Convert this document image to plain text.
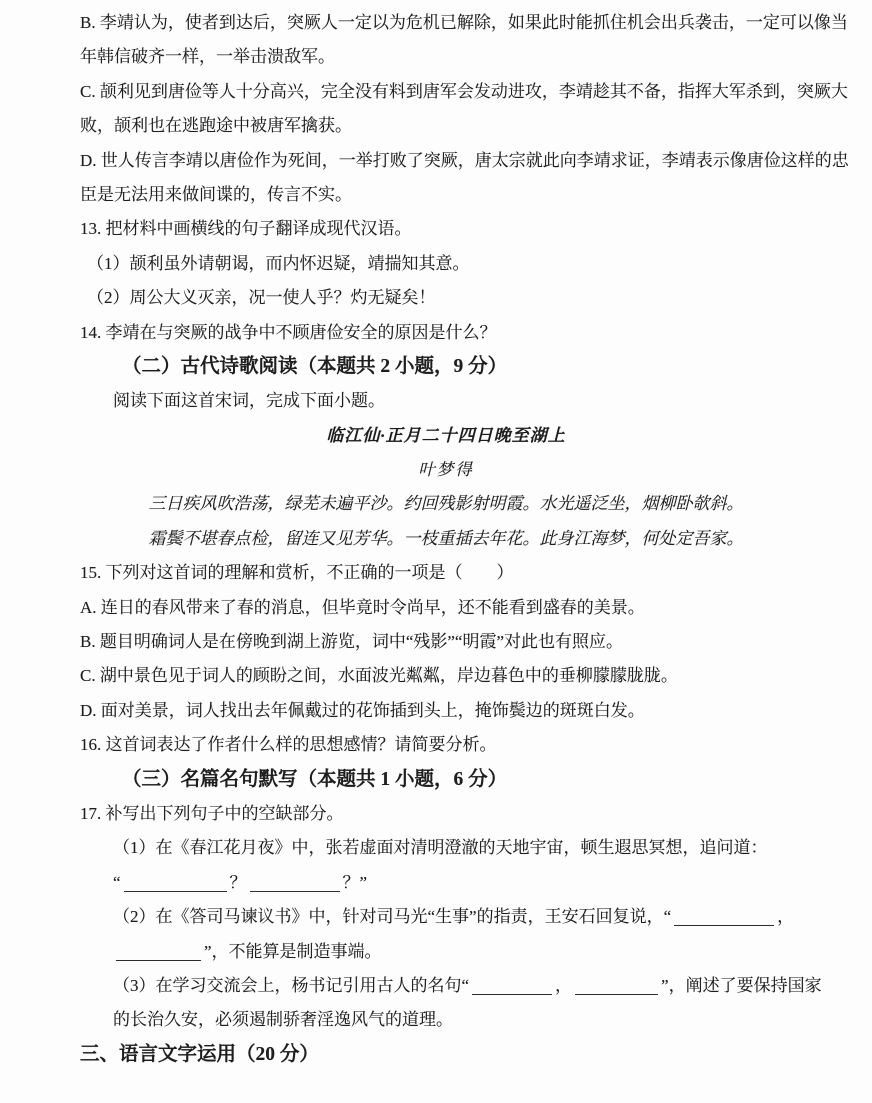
B. 李靖认为，使者到达后，突厥人一定以为危机已解除，如果此时能抓住机会出兵袭击，一定可以像当
年韩信破齐一样，一举击溃敌军。
C. 颉利见到唐俭等人十分高兴，完全没有料到唐军会发动进攻，李靖趁其不备，指挥大军杀到，突厥大
败，颉利也在逃跑途中被唐军擒获。
D. 世人传言李靖以唐俭作为死间，一举打败了突厥，唐太宗就此向李靖求证，李靖表示像唐俭这样的忠
臣是无法用来做间谍的，传言不实。
13. 把材料中画横线的句子翻译成现代汉语。
（1）颉利虽外请朝谒，而内怀迟疑，靖揣知其意。
（2）周公大义灭亲，况一使人乎？灼无疑矣！
14. 李靖在与突厥的战争中不顾唐俭安全的原因是什么？
（二）古代诗歌阅读（本题共 2 小题，9 分）
阅读下面这首宋词，完成下面小题。
临江仙·正月二十四日晚至湖上
叶梦得
三日疾风吹浩荡，绿芜未遍平沙。约回残影射明霞。水光遥泛坐，烟柳卧欹斜。
霜鬓不堪春点检，留连又见芳华。一枝重插去年花。此身江海梦，何处定吾家。
15. 下列对这首词的理解和赏析，不正确的一项是（　　）
A. 连日的春风带来了春的消息，但毕竟时令尚早，还不能看到盛春的美景。
B. 题目明确词人是在傍晚到湖上游览，词中“残影”“明霞”对此也有照应。
C. 湖中景色见于词人的顾盼之间，水面波光粼粼，岸边暮色中的垂柳朦朦胧胧。
D. 面对美景，词人找出去年佩戴过的花饰插到头上，掩饰鬓边的斑斑白发。
16. 这首词表达了作者什么样的思想感情？请简要分析。
（三）名篇名句默写（本题共 1 小题，6 分）
17. 补写出下列句子中的空缺部分。
（1）在《春江花月夜》中，张若虚面对清明澄澈的天地宇宙，顿生遐思冥想，追问道：
“	？	？”
（2）在《答司马谏议书》中，针对司马光“生事”的指责，王安石回复说，“	，
”，不能算是制造事端。
（3）在学习交流会上，杨书记引用古人的名句“	，	”，阐述了要保持国家
的长治久安，必须遏制骄奢淫逸风气的道理。
三、语言文字运用（20 分）
